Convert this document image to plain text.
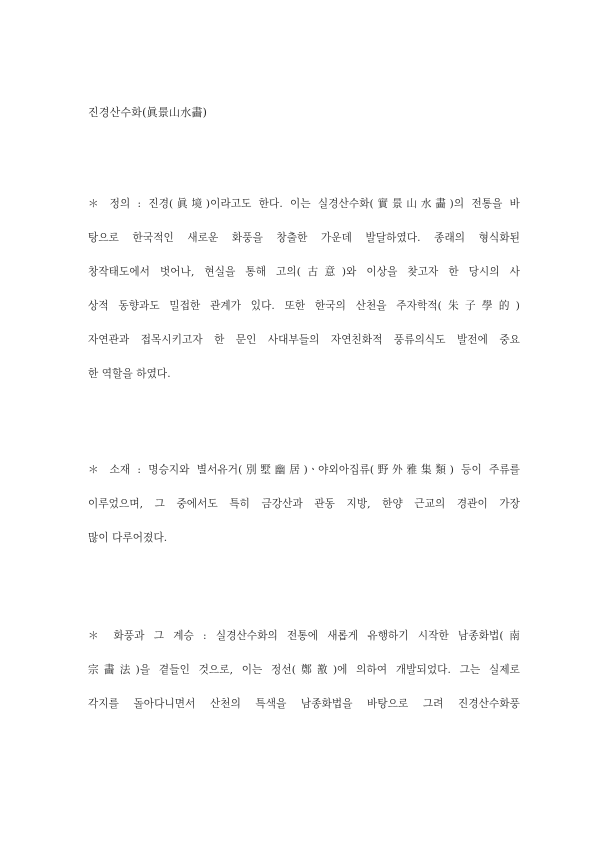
진경산수화(眞景山水畵)
＊ 정의 : 진경(眞境)이라고도 한다. 이는 실경산수화(實景山水畵)의 전통을 바
탕으로 한국적인 새로운 화풍을 창출한 가운데 발달하였다. 종래의 형식화된
창작태도에서 벗어나, 현실을 통해 고의(古意)와 이상을 찾고자 한 당시의 사
상적 동향과도 밀접한 관계가 있다. 또한 한국의 산천을 주자학적(朱子學的)
자연관과 접목시키고자 한 문인 사대부들의 자연친화적 풍류의식도 발전에 중요
한 역할을 하였다.
＊ 소재 : 명승지와 별서유거(別墅幽居)ㆍ야외아집류(野外雅集類) 등이 주류를
이루었으며, 그 중에서도 특히 금강산과 관동 지방, 한양 근교의 경관이 가장
많이 다루어졌다.
＊ 화풍과 그 계승 : 실경산수화의 전통에 새롭게 유행하기 시작한 남종화법(南
宗畵法)을 곁들인 것으로, 이는 정선(鄭敾)에 의하여 개발되었다. 그는 실제로
각지를 돌아다니면서 산천의 특색을 남종화법을 바탕으로 그려 진경산수화풍
